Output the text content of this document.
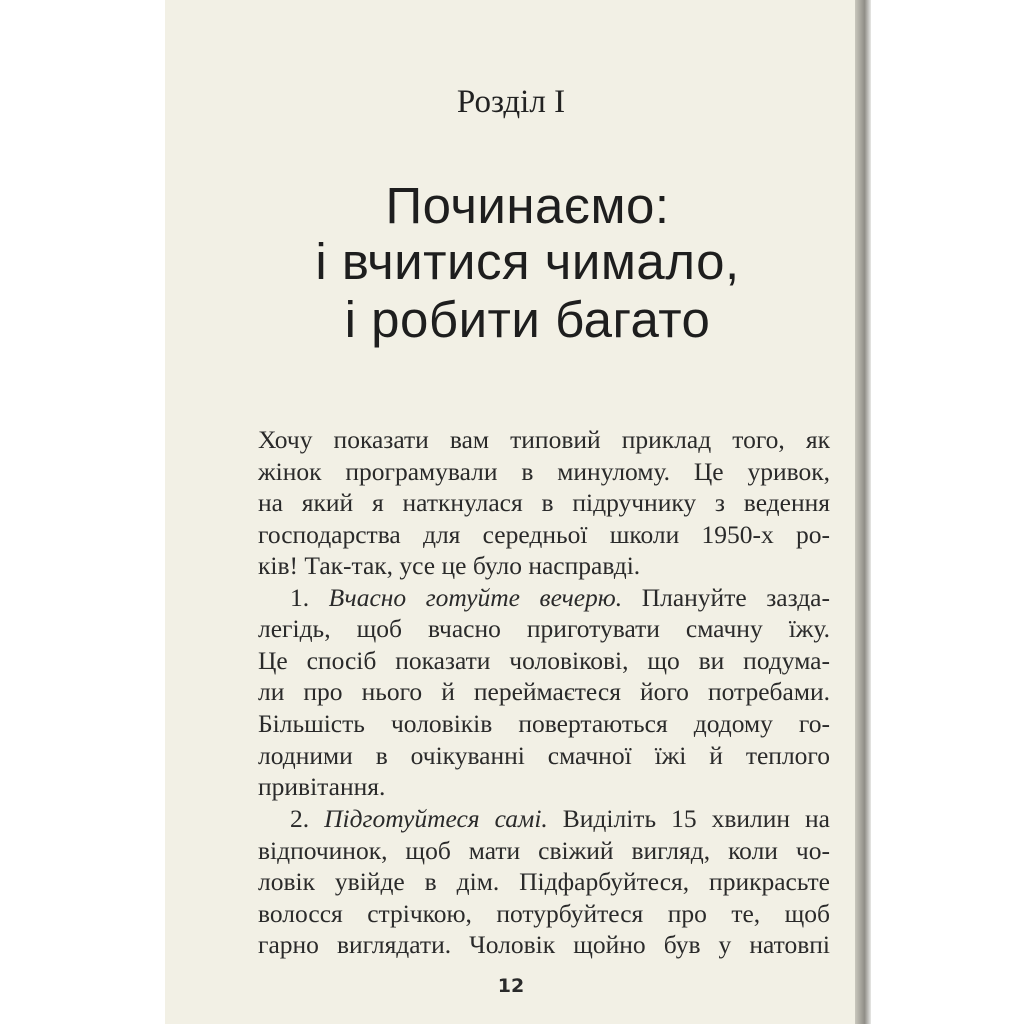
Розділ І
Починаємо:
і вчитися чимало,
і робити багато
Хочу показати вам типовий приклад того, як
жінок програмували в минулому. Це уривок,
на який я наткнулася в підручнику з ведення
господарства для середньої школи 1950-х ро-
ків! Так-так, усе це було насправді.
1. Вчасно готуйте вечерю. Плануйте зазда-
легідь, щоб вчасно приготувати смачну їжу.
Це спосіб показати чоловікові, що ви подума-
ли про нього й переймаєтеся його потребами.
Більшість чоловіків повертаються додому го-
лодними в очікуванні смачної їжі й теплого
привітання.
2. Підготуйтеся самі. Виділіть 15 хвилин на
відпочинок, щоб мати свіжий вигляд, коли чо-
ловік увійде в дім. Підфарбуйтеся, прикрасьте
волосся стрічкою, потурбуйтеся про те, щоб
гарно виглядати. Чоловік щойно був у натовпі
12
